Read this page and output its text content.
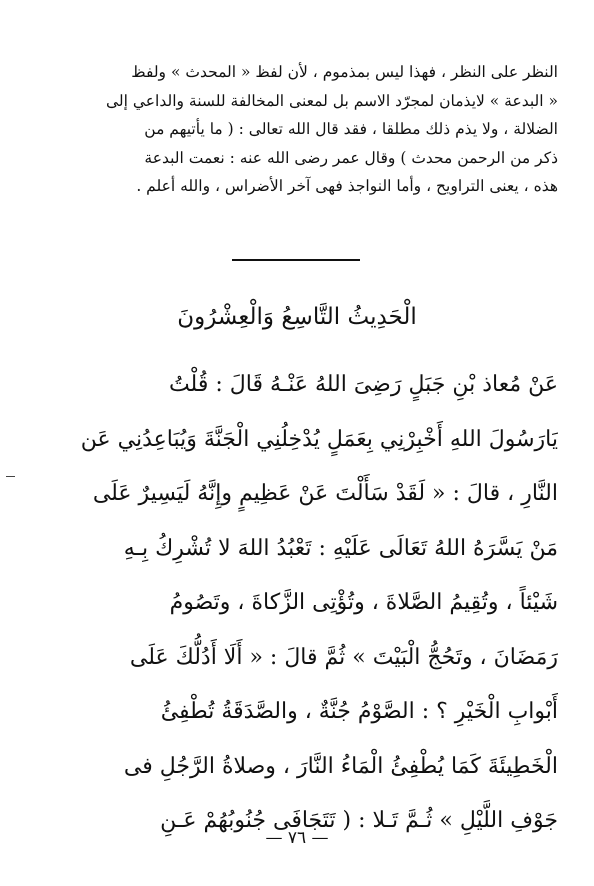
النظر على النظر ، فهذا ليس بمذموم ، لأن لفظ « المحدث » ولفظ
« البدعة » لايذمان لمجرّد الاسم بل لمعنى المخالفة للسنة والداعي إلى
الضلالة ، ولا يذم ذلك مطلقا ، فقد قال الله تعالى : ( ما يأتيهم من
ذكر من الرحمن محدث ) وقال عمر رضى الله عنه : نعمت البدعة
هذه ، يعنى التراويح ، وأما النواجذ فهى آخر الأضراس ، والله أعلم .
الْحَدِيثُ التَّاسِعُ وَالْعِشْرُونَ
عَنْ مُعاذ بْنِ جَبَلٍ رَضِىَ اللهُ عَنْـهُ قَالَ : قُلْتُ
يَارَسُولَ اللهِ أَخْبِرْنِي بِعَمَلٍ يُدْخِلُنِي الْجَنَّةَ وَيُبَاعِدُنِي عَن
النَّارِ ، قالَ : « لَقَدْ سَأَلْتَ عَنْ عَظِيمٍ وإِنَّهُ لَيَسِيرٌ عَلَى
مَنْ يَسَّرَهُ اللهُ تَعَالَى عَلَيْهِ : تَعْبُدُ اللهَ لا تُشْرِكُ بِـهِ
شَيْئاً ، وتُقِيمُ الصَّلاةَ ، وتُؤْتِى الزَّكاةَ ، وتَصُومُ
رَمَضَانَ ، وتَحُجُّ الْبَيْتَ » ثُمَّ قالَ : « أَلَا أَدُلُّكَ عَلَى
أَبْوابِ الْخَيْرِ ؟ : الصَّوْمُ جُنَّةٌ ، والصَّدَقَةُ تُطْفِئُ
الْخَطِيئَةَ كَمَا يُطْفِئُ الْمَاءُ النَّارَ ، وصلاةُ الرَّجُلِ فى
جَوْفِ اللَّيْلِ » ثُـمَّ تَـلا : ( تَتَجَافَى جُنُوبُهُمْ عَـنِ
— ٧٦ —
